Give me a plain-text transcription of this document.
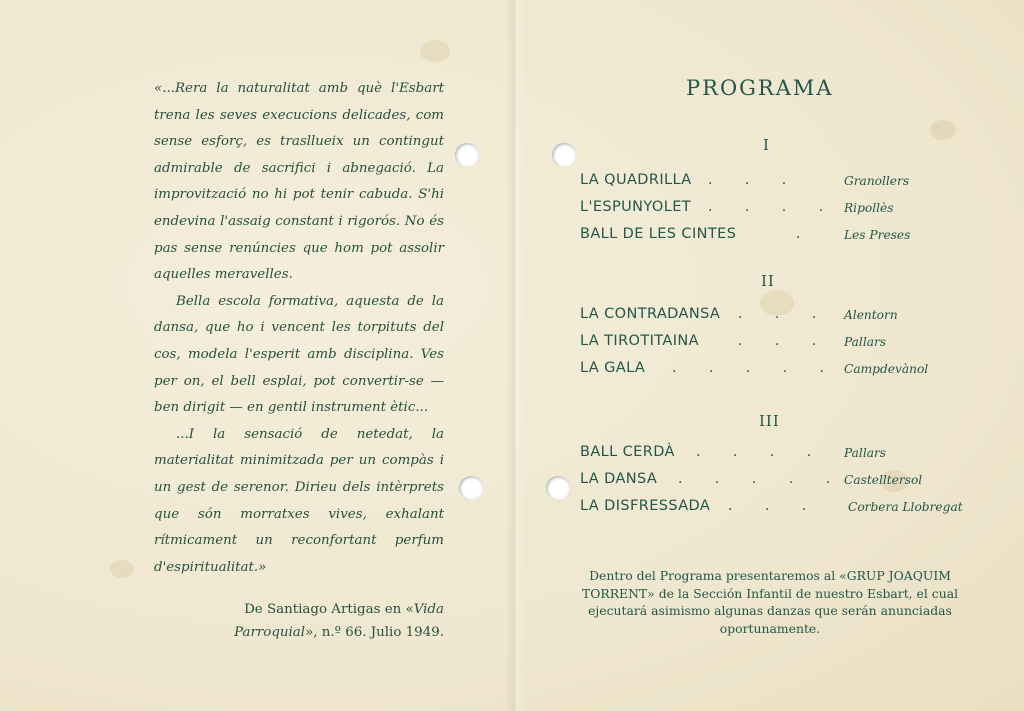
«...Rera la naturalitat amb què l'Esbart trena les seves execucions delicades, com sense esforç, es trasllueix un contingut admirable de sacrifici i abnegació. La improvització no hi pot tenir cabuda. S'hi endevina l'assaig constant i rigorós. No és pas sense renúncies que hom pot assolir aquelles meravelles.

Bella escola formativa, aquesta de la dansa, que ho i vencent les torpituts del cos, modela l'esperit amb disciplina. Ves per on, el bell esplai, pot convertir-se — ben dirigit — en gentil instrument ètic...

...I la sensació de netedat, la materialitat minimitzada per un compàs i un gest de serenor. Dirieu dels intèrprets que són morratxes vives, exhalant rítmicament un reconfortant perfum d'espiritualitat.»

De Santiago Artigas en «Vida Parroquial», n.º 66. Julio 1949.
PROGRAMA
I
LA QUADRILLA . . .	Granollers
L'ESPUNYOLET . . . . Ripollès
BALL DE LES CINTES	.	Les Preses
II
LA CONTRADANSA . . .	Alentorn
LA TIROTITAINA	. . .	Pallars
LA GALA . . . . . Campdevànol
III
BALL CERDÀ . . . . Pallars
LA DANSA . . . . . Castelltersol
LA DISFRESSADA . . .	Corbera Llobregat
Dentro del Programa presentaremos al «GRUP JOAQUIM TORRENT» de la Sección Infantil de nuestro Esbart, el cual ejecutará asimismo algunas danzas que serán anunciadas oportunamente.
